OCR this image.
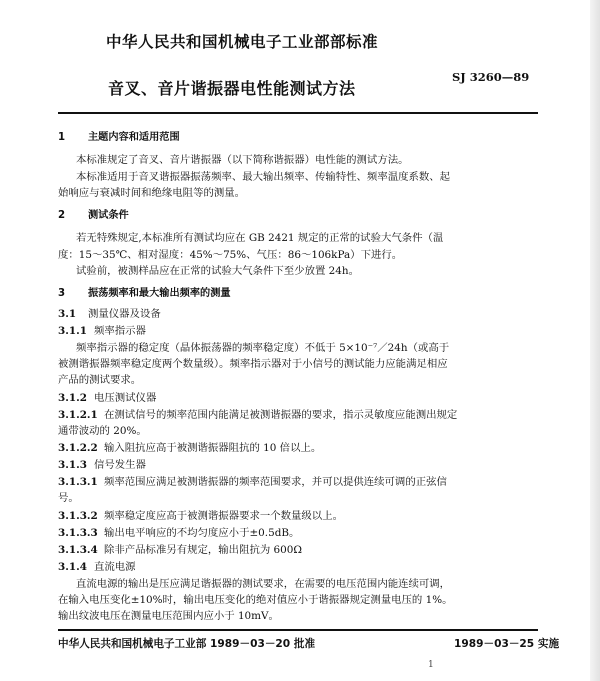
中华人民共和国机械电子工业部部标准
音叉、音片谐振器电性能测试方法
SJ 3260—89
1 主题内容和适用范围
本标准规定了音叉、音片谐振器（以下简称谐振器）电性能的测试方法。
本标准适用于音叉谐振器振荡频率、最大输出频率、传输特性、频率温度系数、起
始响应与衰减时间和绝缘电阻等的测量。
2 测试条件
若无特殊规定,本标准所有测试均应在 GB 2421 规定的正常的试验大气条件（温
度：15～35℃、相对湿度：45%～75%、气压：86～106kPa）下进行。
试验前，被测样品应在正常的试验大气条件下至少放置 24h。
3 振荡频率和最大输出频率的测量
3.1 测量仪器及设备
3.1.1 频率指示器
频率指示器的稳定度（晶体振荡器的频率稳定度）不低于 5×10⁻⁷／24h（或高于
被测谐振器频率稳定度两个数量级）。频率指示器对于小信号的测试能力应能满足相应
产品的测试要求。
3.1.2 电压测试仪器
3.1.2.1 在测试信号的频率范围内能满足被测谐振器的要求，指示灵敏度应能测出规定
通带波动的 20%。
3.1.2.2 输入阻抗应高于被测谐振器阻抗的 10 倍以上。
3.1.3 信号发生器
3.1.3.1 频率范围应满足被测谐振器的频率范围要求，并可以提供连续可调的正弦信
号。
3.1.3.2 频率稳定度应高于被测谐振器要求一个数量级以上。
3.1.3.3 输出电平响应的不均匀度应小于±0.5dB。
3.1.3.4 除非产品标准另有规定，输出阻抗为 600Ω
3.1.4 直流电源
直流电源的输出是压应满足谐振器的测试要求，在需要的电压范围内能连续可调，
在输入电压变化±10%时，输出电压变化的绝对值应小于谐振器规定测量电压的 1%。
输出纹波电压在测量电压范围内应小于 10mV。
中华人民共和国机械电子工业部 1989－03－20 批准	1989－03－25 实施
1
